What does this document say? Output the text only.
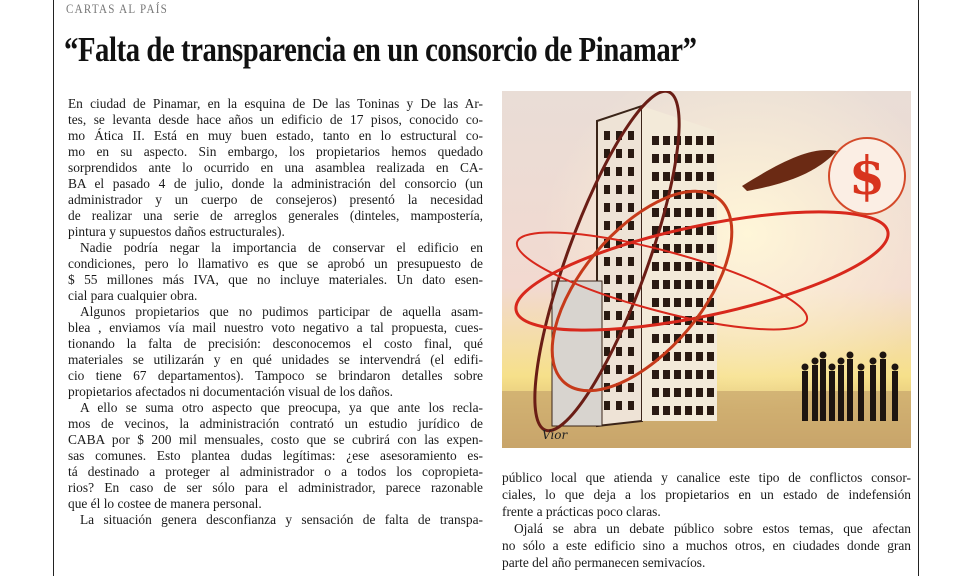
CARTAS AL PAÍS
“Falta de transparencia en un consorcio de Pinamar”
En ciudad de Pinamar, en la esquina de De las Toninas y De las Ar-
tes, se levanta desde hace años un edificio de 17 pisos, conocido co-
mo Ática II. Está en muy buen estado, tanto en lo estructural co-
mo en su aspecto. Sin embargo, los propietarios hemos quedado
sorprendidos ante lo ocurrido en una asamblea realizada en CA-
BA el pasado 4 de julio, donde la administración del consorcio (un
administrador y un cuerpo de consejeros) presentó la necesidad
de realizar una serie de arreglos generales (dinteles, mampostería,
pintura y supuestos daños estructurales).
Nadie podría negar la importancia de conservar el edificio en
condiciones, pero lo llamativo es que se aprobó un presupuesto de
$ 55 millones más IVA, que no incluye materiales. Un dato esen-
cial para cualquier obra.
Algunos propietarios que no pudimos participar de aquella asam-
blea , enviamos vía mail nuestro voto negativo a tal propuesta, cues-
tionando la falta de precisión: desconocemos el costo final, qué
materiales se utilizarán y en qué unidades se intervendrá (el edifi-
cio tiene 67 departamentos). Tampoco se brindaron detalles sobre
propietarios afectados ni documentación visual de los daños.
A ello se suma otro aspecto que preocupa, ya que ante los recla-
mos de vecinos, la administración contrató un estudio jurídico de
CABA por $ 200 mil mensuales, costo que se cubrirá con las expen-
sas comunes. Esto plantea dudas legítimas: ¿ese asesoramiento es-
tá destinado a proteger al administrador o a todos los copropieta-
rios? En caso de ser sólo para el administrador, parece razonable
que él lo costee de manera personal.
La situación genera desconfianza y sensación de falta de transpa-
público local que atienda y canalice este tipo de conflictos consor-
ciales, lo que deja a los propietarios en un estado de indefensión
frente a prácticas poco claras.
Ojalá se abra un debate público sobre estos temas, que afectan
no sólo a este edificio sino a muchos otros, en ciudades donde gran
parte del año permanecen semivacíos.
$
Vior
